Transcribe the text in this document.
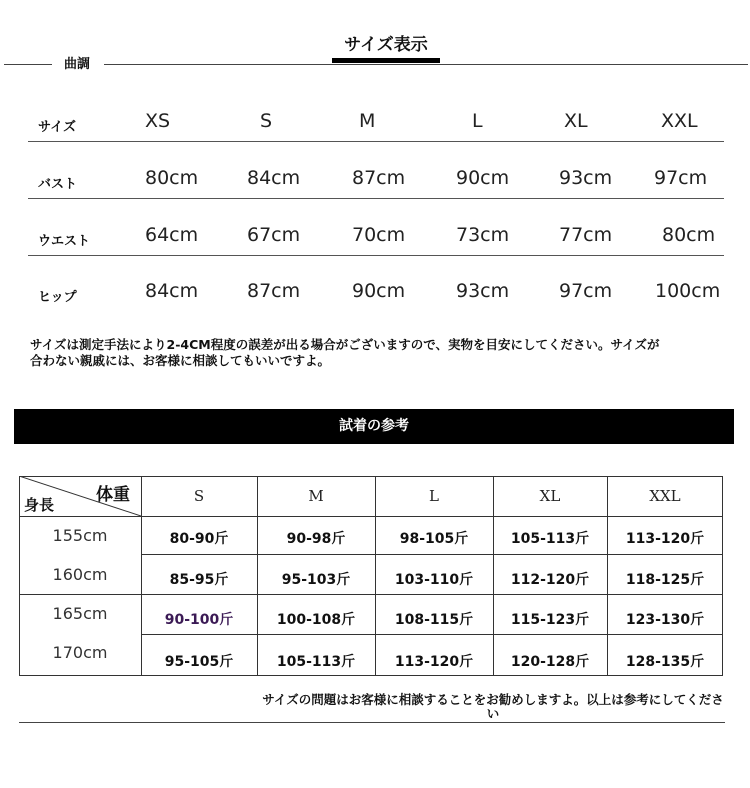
サイズ表示
曲調
サイズ	XS	S	M	L	XL	XXL
バスト	80cm	84cm	87cm	90cm	93cm 97cm
ウエスト	64cm	67cm	70cm	73cm	77cm	80cm
ヒップ	84cm	87cm	90cm	93cm	97cm 100cm
サイズは測定手法により2-4CM程度の誤差が出る場合がございますので、実物を目安にしてください。サイズが合わない親戚には、お客様に相談してもいいですよ。
試着の参考
体重
身長	S	M	L	XL	XXL
155cm	80-90斤	90-98斤	98-105斤	105-113斤	113-120斤
160cm	85-95斤	95-103斤	103-110斤	112-120斤	118-125斤
165cm	90-100斤	100-108斤	108-115斤	115-123斤	123-130斤
170cm	95-105斤	105-113斤	113-120斤	120-128斤	128-135斤
サイズの問題はお客様に相談することをお勧めしますよ。以上は参考にしてください
